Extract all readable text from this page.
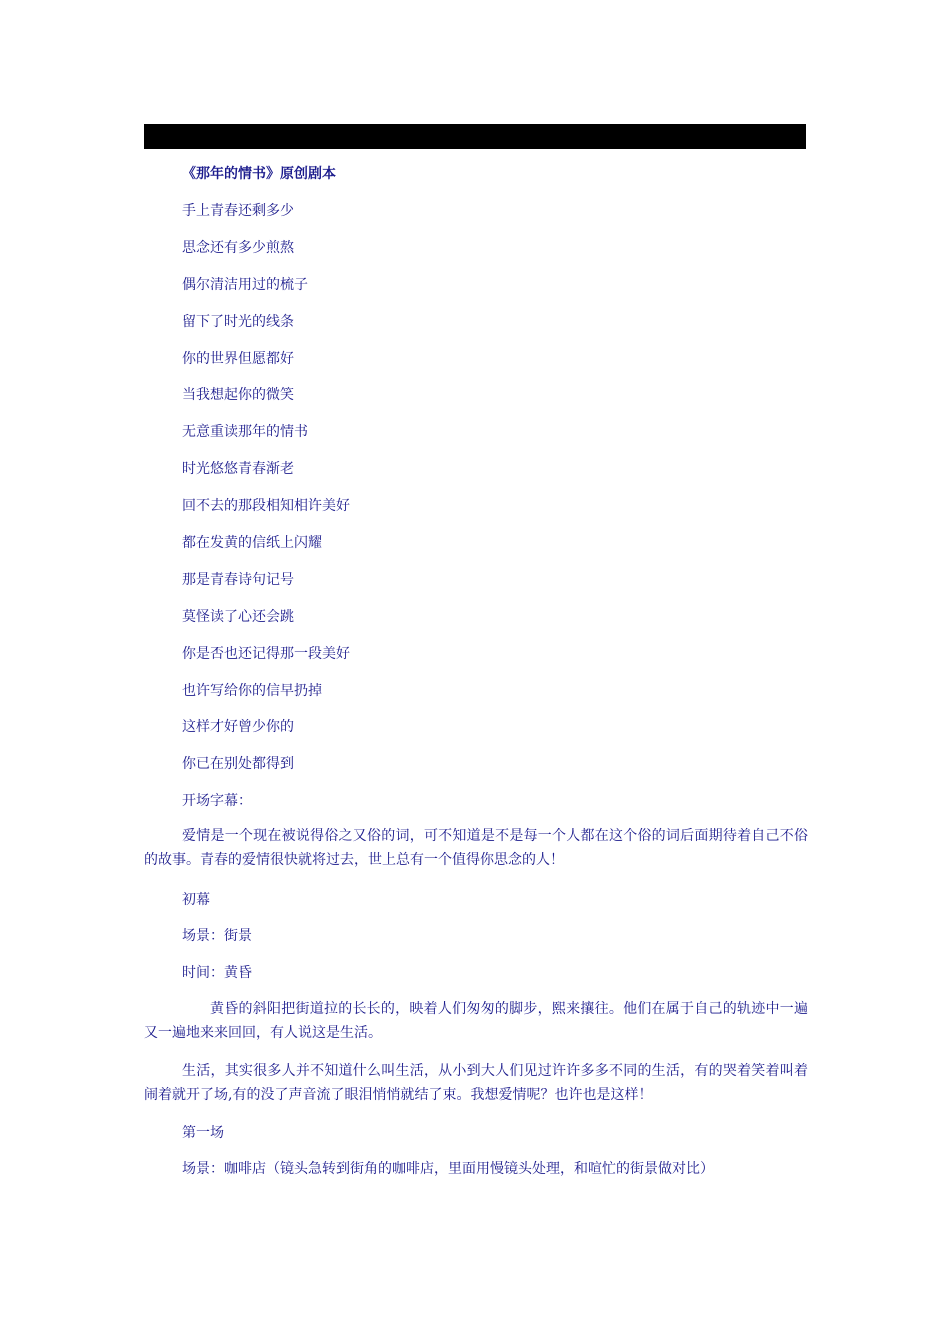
《那年的情书》原创剧本
手上青春还剩多少
思念还有多少煎熬
偶尔清洁用过的梳子
留下了时光的线条
你的世界但愿都好
当我想起你的微笑
无意重读那年的情书
时光悠悠青春渐老
回不去的那段相知相许美好
都在发黄的信纸上闪耀
那是青春诗句记号
莫怪读了心还会跳
你是否也还记得那一段美好
也许写给你的信早扔掉
这样才好曾少你的
你已在别处都得到
开场字幕：

爱情是一个现在被说得俗之又俗的词，可不知道是不是每一个人都在这个俗的词后面期待着自己不俗的故事。青春的爱情很快就将过去，世上总有一个值得你思念的人！

初幕
场景：街景
时间：黄昏

黄昏的斜阳把街道拉的长长的，映着人们匆匆的脚步，熙来攘往。他们在属于自己的轨迹中一遍又一遍地来来回回，有人说这是生活。

生活，其实很多人并不知道什么叫生活，从小到大人们见过许许多多不同的生活，有的哭着笑着叫着闹着就开了场,有的没了声音流了眼泪悄悄就结了束。我想爱情呢？也许也是这样！

第一场
场景：咖啡店（镜头急转到街角的咖啡店，里面用慢镜头处理，和喧忙的街景做对比）
